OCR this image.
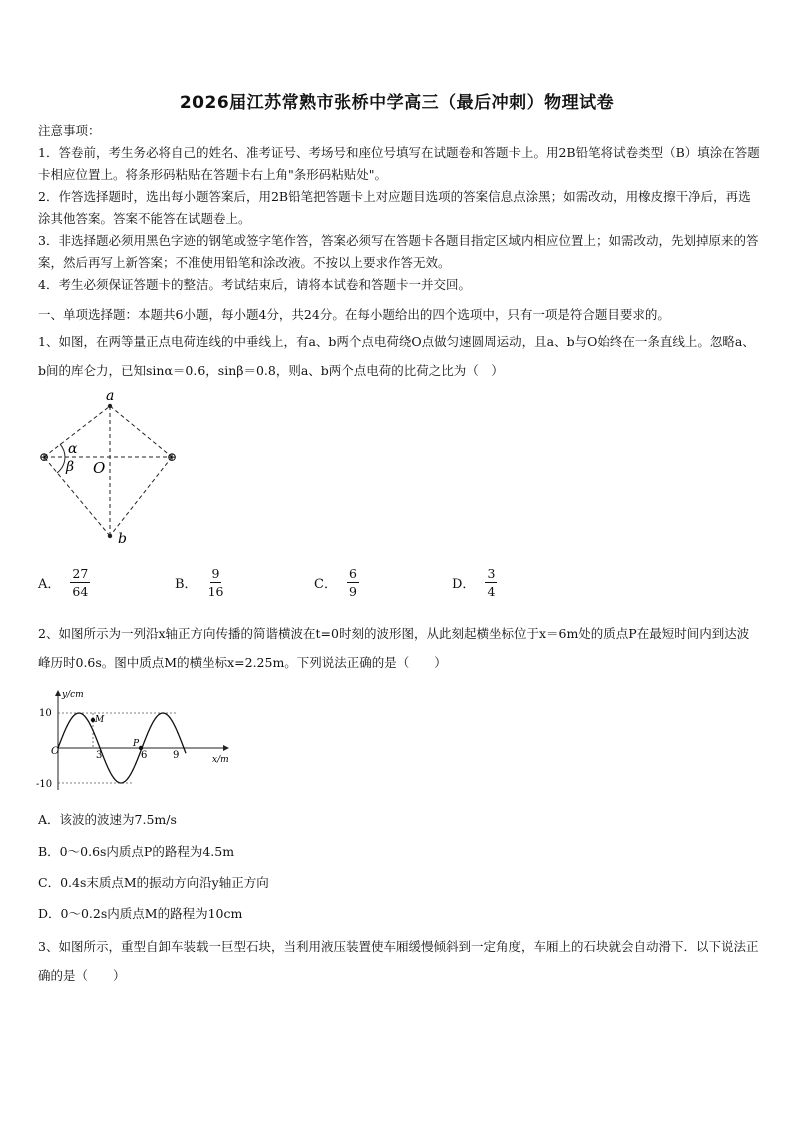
2026届江苏常熟市张桥中学高三（最后冲刺）物理试卷

注意事项：

1．答卷前，考生务必将自己的姓名、准考证号、考场号和座位号填写在试题卷和答题卡上。用2B铅笔将试卷类型（B）填涂在答题卡相应位置上。将条形码粘贴在答题卡右上角"条形码粘贴处"。

2．作答选择题时，选出每小题答案后，用2B铅笔把答题卡上对应题目选项的答案信息点涂黑；如需改动，用橡皮擦干净后，再选涂其他答案。答案不能答在试题卷上。

3．非选择题必须用黑色字迹的钢笔或签字笔作答，答案必须写在答题卡各题目指定区域内相应位置上；如需改动，先划掉原来的答案，然后再写上新答案；不准使用铅笔和涂改液。不按以上要求作答无效。

4．考生必须保证答题卡的整洁。考试结束后，请将本试卷和答题卡一并交回。

一、单项选择题：本题共6小题，每小题4分，共24分。在每小题给出的四个选项中，只有一项是符合题目要求的。
1、如图，在两等量正点电荷连线的中垂线上，有a、b两个点电荷绕O点做匀速圆周运动，且a、b与O始终在一条直线上。忽略a、b间的库仑力，已知sinα＝0.6，sinβ＝0.8，则a、b两个点电荷的比荷之比为（　）
⊕	⊕
a
b
O
α
β
A． $\frac{27}{64}$	B． $\frac{9}{16}$	C． $\frac{6}{9}$	D． $\frac{3}{4}$
2、如图所示为一列沿x轴正方向传播的简谐横波在t=0时刻的波形图，从此刻起横坐标位于x＝6m处的质点P在最短时间内到达波峰历时0.6s。图中质点M的横坐标x=2.25m。下列说法正确的是（　　）
y/cm
x/m
10
-10
3	6	9
O
M
P
A．该波的波速为7.5m/s
B．0～0.6s内质点P的路程为4.5m
C．0.4s末质点M的振动方向沿y轴正方向
D．0～0.2s内质点M的路程为10cm
3、如图所示，重型自卸车装载一巨型石块，当利用液压装置使车厢缓慢倾斜到一定角度，车厢上的石块就会自动滑下．以下说法正确的是（　　）
